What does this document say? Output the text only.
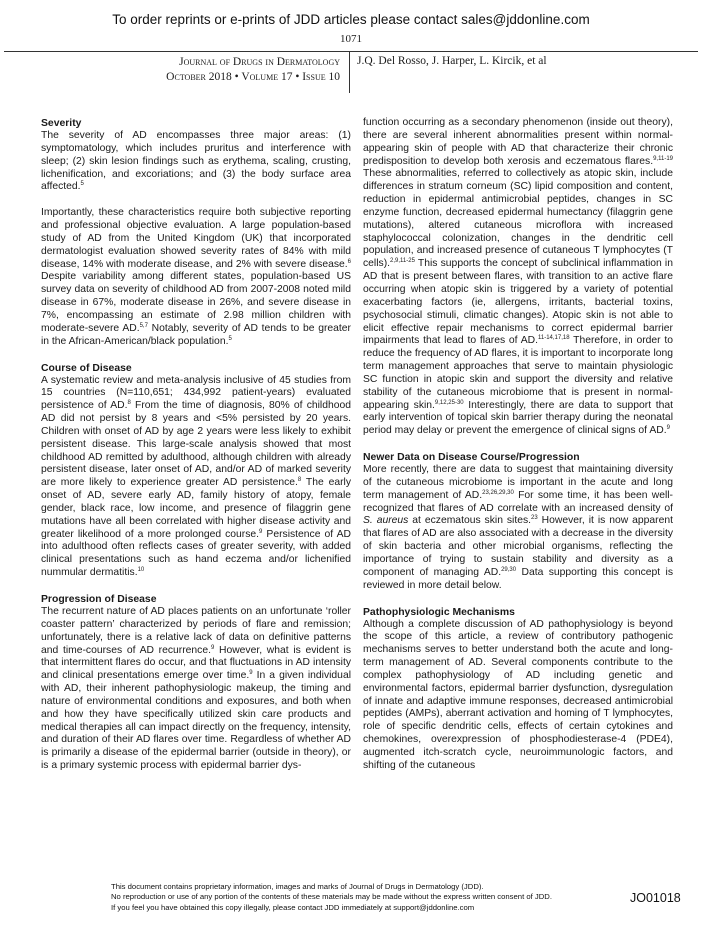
To order reprints or e-prints of JDD articles please contact sales@jddonline.com
1071
Journal of Drugs in Dermatology
October 2018 • Volume 17 • Issue 10
J.Q. Del Rosso, J. Harper, L. Kircik, et al
Severity

The severity of AD encompasses three major areas: (1) symptomatology, which includes pruritus and interference with sleep; (2) skin lesion findings such as erythema, scaling, crusting, lichenification, and excoriations; and (3) the body surface area affected.$^5$

Importantly, these characteristics require both subjective reporting and professional objective evaluation. A large population-based study of AD from the United Kingdom (UK) that incorporated dermatologist evaluation showed severity rates of 84% with mild disease, 14% with moderate disease, and 2% with severe disease.$^6$ Despite variability among different states, population-based US survey data on severity of childhood AD from 2007-2008 noted mild disease in 67%, moderate disease in 26%, and severe disease in 7%, encompassing an estimate of 2.98 million children with moderate-severe AD.$^{5,7}$ Notably, severity of AD tends to be greater in the African-American/black population.$^5$

Course of Disease

A systematic review and meta-analysis inclusive of 45 studies from 15 countries (N=110,651; 434,992 patient-years) evaluated persistence of AD.$^8$ From the time of diagnosis, 80% of childhood AD did not persist by 8 years and <5% persisted by 20 years. Children with onset of AD by age 2 years were less likely to exhibit persistent disease. This large-scale analysis showed that most childhood AD remitted by adulthood, although children with already persistent disease, later onset of AD, and/or AD of marked severity are more likely to experience greater AD persistence.$^8$ The early onset of AD, severe early AD, family history of atopy, female gender, black race, low income, and presence of filaggrin gene mutations have all been correlated with higher disease activity and greater likelihood of a more prolonged course.$^9$ Persistence of AD into adulthood often reflects cases of greater severity, with added clinical presentations such as hand eczema and/or lichenified nummular dermatitis.$^{10}$

Progression of Disease

The recurrent nature of AD places patients on an unfortunate ‘roller coaster pattern’ characterized by periods of flare and remission; unfortunately, there is a relative lack of data on definitive patterns and time-courses of AD recurrence.$^9$ However, what is evident is that intermittent flares do occur, and that fluctuations in AD intensity and clinical presentations emerge over time.$^9$ In a given individual with AD, their inherent pathophysiologic makeup, the timing and nature of environmental conditions and exposures, and both when and how they have specifically utilized skin care products and medical therapies all can impact directly on the frequency, intensity, and duration of their AD flares over time. Regardless of whether AD is primarily a disease of the epidermal barrier (outside in theory), or is a primary systemic process with epidermal barrier dys-

function occurring as a secondary phenomenon (inside out theory), there are several inherent abnormalities present within normal-appearing skin of people with AD that characterize their chronic predisposition to develop both xerosis and eczematous flares.$^{9,11-19}$ These abnormalities, referred to collectively as atopic skin, include differences in stratum corneum (SC) lipid composition and content, reduction in epidermal antimicrobial peptides, changes in SC enzyme function, decreased epidermal humectancy (filaggrin gene mutations), altered cutaneous microflora with increased staphylococcal colonization, changes in the dendritic cell population, and increased presence of cutaneous T lymphocytes (T cells).$^{2,9,11-25}$ This supports the concept of subclinical inflammation in AD that is present between flares, with transition to an active flare occurring when atopic skin is triggered by a variety of potential exacerbating factors (ie, allergens, irritants, bacterial toxins, psychosocial stimuli, climatic changes). Atopic skin is not able to elicit effective repair mechanisms to correct epidermal barrier impairments that lead to flares of AD.$^{11-14,17,18}$ Therefore, in order to reduce the frequency of AD flares, it is important to incorporate long term management approaches that serve to maintain physiologic SC function in atopic skin and support the diversity and relative stability of the cutaneous microbiome that is present in normal-appearing skin.$^{9,12,25-30}$ Interestingly, there are data to support that early intervention of topical skin barrier therapy during the neonatal period may delay or prevent the emergence of clinical signs of AD.$^9$

Newer Data on Disease Course/Progression

More recently, there are data to suggest that maintaining diversity of the cutaneous microbiome is important in the acute and long term management of AD.$^{23,26,29,30}$ For some time, it has been well-recognized that flares of AD correlate with an increased density of S. aureus at eczematous skin sites.$^{23}$ However, it is now apparent that flares of AD are also associated with a decrease in the diversity of skin bacteria and other microbial organisms, reflecting the importance of trying to sustain stability and diversity as a component of managing AD.$^{29,30}$ Data supporting this concept is reviewed in more detail below.

Pathophysiologic Mechanisms

Although a complete discussion of AD pathophysiology is beyond the scope of this article, a review of contributory pathogenic mechanisms serves to better understand both the acute and long-term management of AD. Several components contribute to the complex pathophysiology of AD including genetic and environmental factors, epidermal barrier dysfunction, dysregulation of innate and adaptive immune responses, decreased antimicrobial peptides (AMPs), aberrant activation and homing of T lymphocytes, role of specific dendritic cells, effects of certain cytokines and chemokines, overexpression of phosphodiesterase-4 (PDE4), augmented itch-scratch cycle, neuroimmunologic factors, and shifting of the cutaneous

This document contains proprietary information, images and marks of Journal of Drugs in Dermatology (JDD).
No reproduction or use of any portion of the contents of these materials may be made without the express written consent of JDD.
If you feel you have obtained this copy illegally, please contact JDD immediately at support@jddonline.com
JO01018
